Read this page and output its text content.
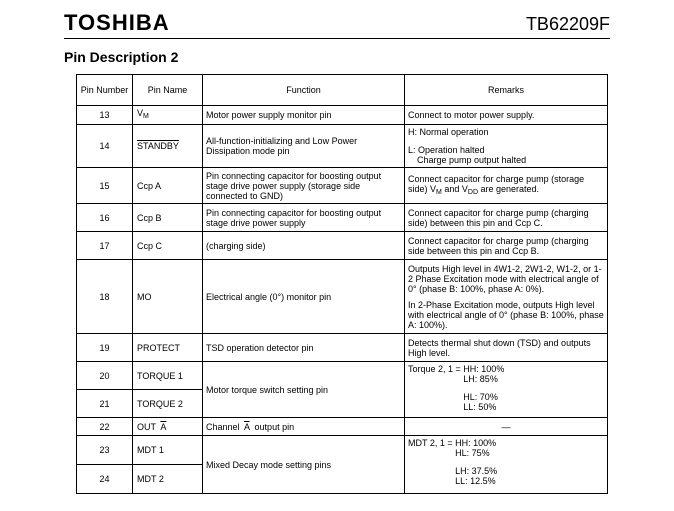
TOSHIBA	TB62209F
Pin Description 2
Pin Number	Pin Name	Function	Remarks
13	$V_M$	Motor power supply monitor pin	Connect to motor power supply.
14	STANDBY	All-function-initializing and Low Power Dissipation mode pin	H: Normal operation
L: Operation halted
Charge pump output halted

15	Ccp A	Pin connecting capacitor for boosting output stage drive power supply (storage side connected to GND)	Connect capacitor for charge pump (storage side) $V_M$ and $V_{DD}$ are generated.
16	Ccp B	Pin connecting capacitor for boosting output stage drive power supply	Connect capacitor for charge pump (charging side) between this pin and Ccp C.
17	Ccp C	(charging side)	Connect capacitor for charge pump (charging side between this pin and Ccp B.
18	MO	Electrical angle (0°) monitor pin	Outputs High level in 4W1-2, 2W1-2, W1-2, or 1-2 Phase Excitation mode with electrical angle of 0° (phase B: 100%, phase A: 0%).
In 2-Phase Excitation mode, outputs High level with electrical angle of 0° (phase B: 100%, phase A: 100%).

19	PROTECT	TSD operation detector pin	Detects thermal shut down (TSD) and outputs High level.
20	TORQUE 1	Motor torque switch setting pin	Torque 2, 1 = HH: 100%
LH: 85%
HL: 70%
LL: 50%

21	TORQUE 2		
22	OUT  $\overline{A}$	Channel  $\overline{A}$  output pin	—
23	MDT 1	Mixed Decay mode setting pins	MDT 2, 1 = HH: 100%
HL: 75%
LH: 37.5%
LL: 12.5%

24	MDT 2		
